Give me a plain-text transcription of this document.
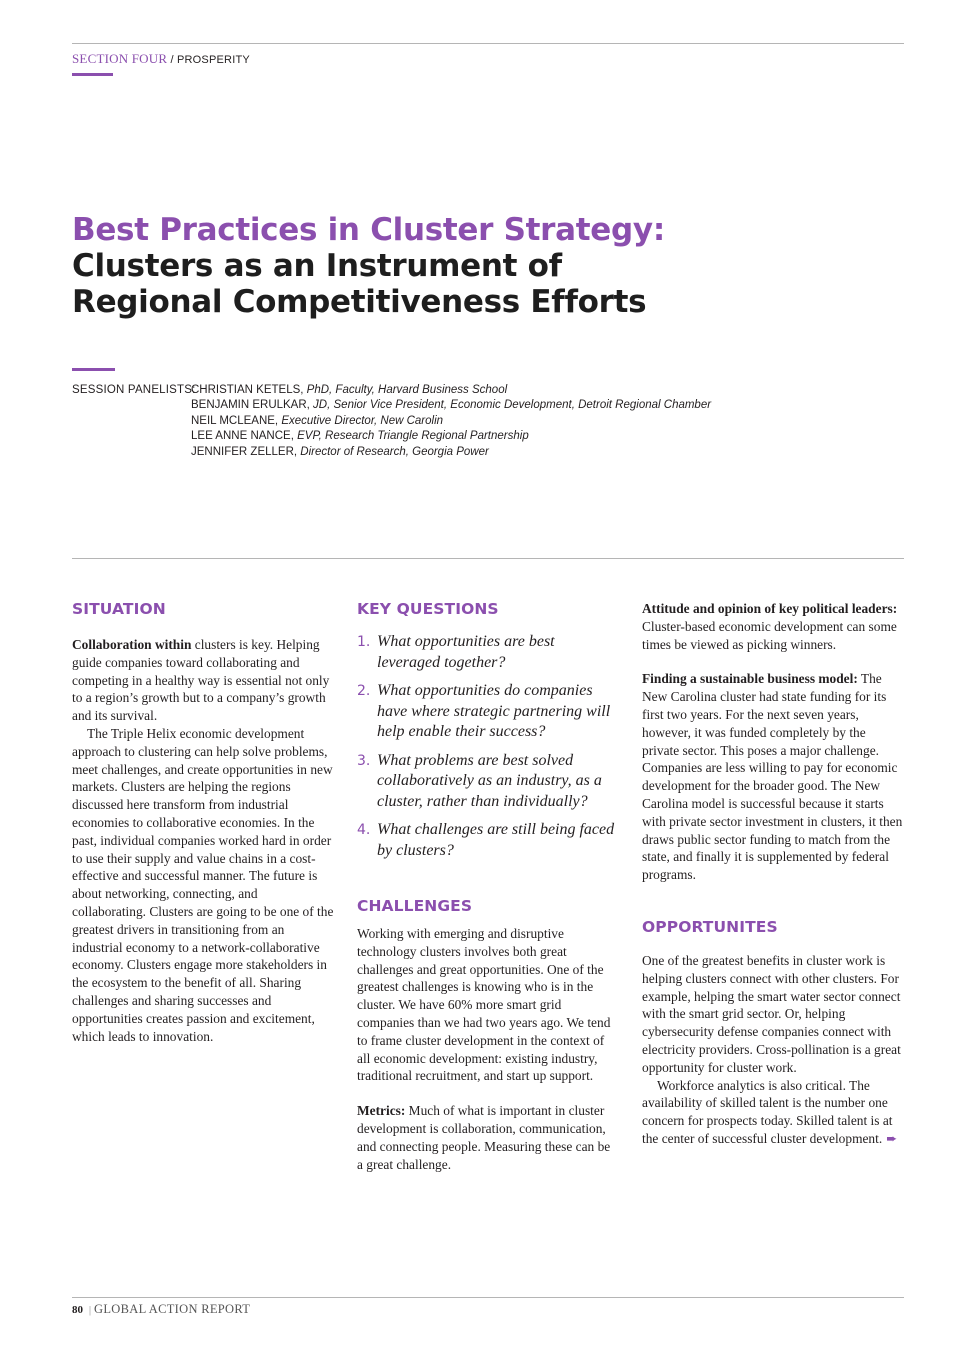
SECTION FOUR / PROSPERITY
Best Practices in Cluster Strategy:
Clusters as an Instrument of
Regional Competitiveness Efforts
SESSION PANELISTS:
CHRISTIAN KETELS, PhD, Faculty, Harvard Business School
BENJAMIN ERULKAR, JD, Senior Vice President, Economic Development, Detroit Regional Chamber
NEIL MCLEANE, Executive Director, New Carolin
LEE ANNE NANCE, EVP, Research Triangle Regional Partnership
JENNIFER ZELLER, Director of Research, Georgia Power
SITUATION

Collaboration within clusters is key. Helping guide companies toward collaborating and competing in a healthy way is essential not only to a region’s growth but to a company’s growth and its survival.

The Triple Helix economic development approach to clustering can help solve problems, meet challenges, and create opportunities in new markets. Clusters are helping the regions discussed here transform from industrial economies to collaborative economies. In the past, individual companies worked hard in order to use their supply and value chains in a cost-effective and successful manner. The future is about networking, connecting, and collaborating. Clusters are going to be one of the greatest drivers in transitioning from an industrial economy to a network-collaborative economy. Clusters engage more stakeholders in the ecosystem to the benefit of all. Sharing challenges and sharing successes and opportunities creates passion and excitement, which leads to innovation.

KEY QUESTIONS
1. What opportunities are best leveraged together?
2. What opportunities do companies have where strategic partnering will help enable their success?
3. What problems are best solved collaboratively as an industry, as a cluster, rather than individually?
4. What challenges are still being faced by clusters?
CHALLENGES

Working with emerging and disruptive technology clusters involves both great challenges and great opportunities. One of the greatest challenges is knowing who is in the cluster. We have 60% more smart grid companies than we had two years ago. We tend to frame cluster development in the context of all economic development: existing industry, traditional recruitment, and start up support.

Metrics: Much of what is important in cluster development is collaboration, communication, and connecting people. Measuring these can be a great challenge.

Attitude and opinion of key political leaders: Cluster-based economic development can some times be viewed as picking winners.

Finding a sustainable business model: The New Carolina cluster had state funding for its first two years. For the next seven years, however, it was funded completely by the private sector. This poses a major challenge. Companies are less willing to pay for economic development for the broader good. The New Carolina model is successful because it starts with private sector investment in clusters, it then draws public sector funding to match from the state, and finally it is supplemented by federal programs.

OPPORTUNITES

One of the greatest benefits in cluster work is helping clusters connect with other clusters. For example, helping the smart water sector connect with the smart grid sector. Or, helping cybersecurity defense companies connect with electricity providers. Cross-pollination is a great opportunity for cluster work.

Workforce analytics is also critical. The availability of skilled talent is the number one concern for prospects today. Skilled talent is at the center of successful cluster development. ➨

80 | GLOBAL ACTION REPORT
